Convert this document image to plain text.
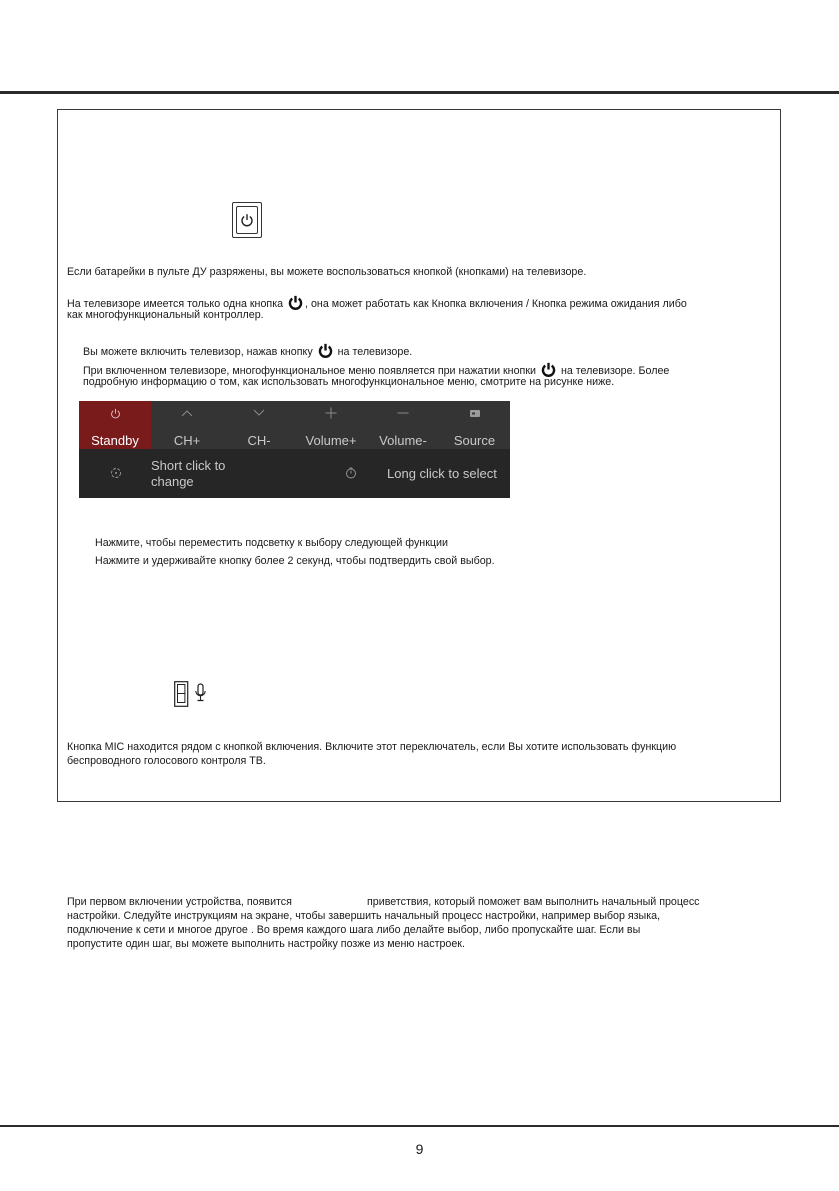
Если батарейки в пульте ДУ разряжены, вы можете воспользоваться кнопкой (кнопками) на телевизоре.

На телевизоре имеется только одна кнопка , она может работать как Кнопка включения / Кнопка режима ожидания либо

как многофункциональный контроллер.

Вы можете включить телевизор, нажав кнопку на телевизоре.

При включенном телевизоре, многофункциональное меню появляется при нажатии кнопки на телевизоре. Более

подробную информацию о том, как использовать многофункциональное меню, смотрите на рисунке ниже.

Standby	CH+	CH-	Volume+	Volume-	Source
Short click to
change
Long click to select

Нажмите, чтобы переместить подсветку к выбору следующей функции

Нажмите и удерживайте кнопку более 2 секунд, чтобы подтвердить свой выбор.

Кнопка MIC находится рядом с кнопкой включения. Включите этот переключатель, если Вы хотите использовать функцию

беспроводного голосового контроля ТВ.

При первом включении устройства, появится	приветствия, который поможет вам выполнить начальный процесс

настройки. Следуйте инструкциям на экране, чтобы завершить начальный процесс настройки, например выбор языка,

подключение к сети и многое другое . Во время каждого шага либо делайте выбор, либо пропускайте шаг. Если вы

пропустите один шаг, вы можете выполнить настройку позже из меню настроек.

9
